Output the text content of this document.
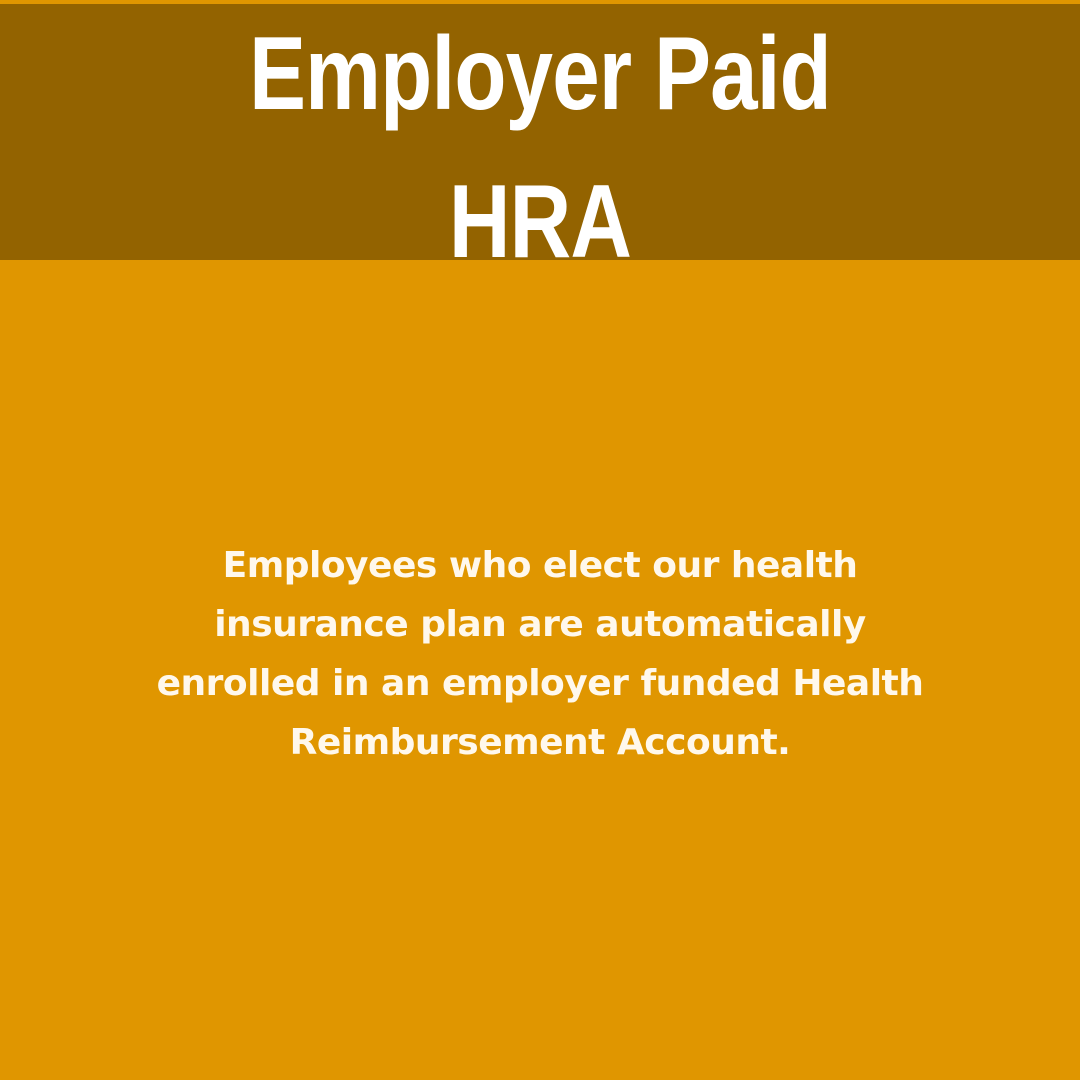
Employer Paid
HRA

Employees who elect our health
insurance plan are automatically
enrolled in an employer funded Health
Reimbursement Account.
